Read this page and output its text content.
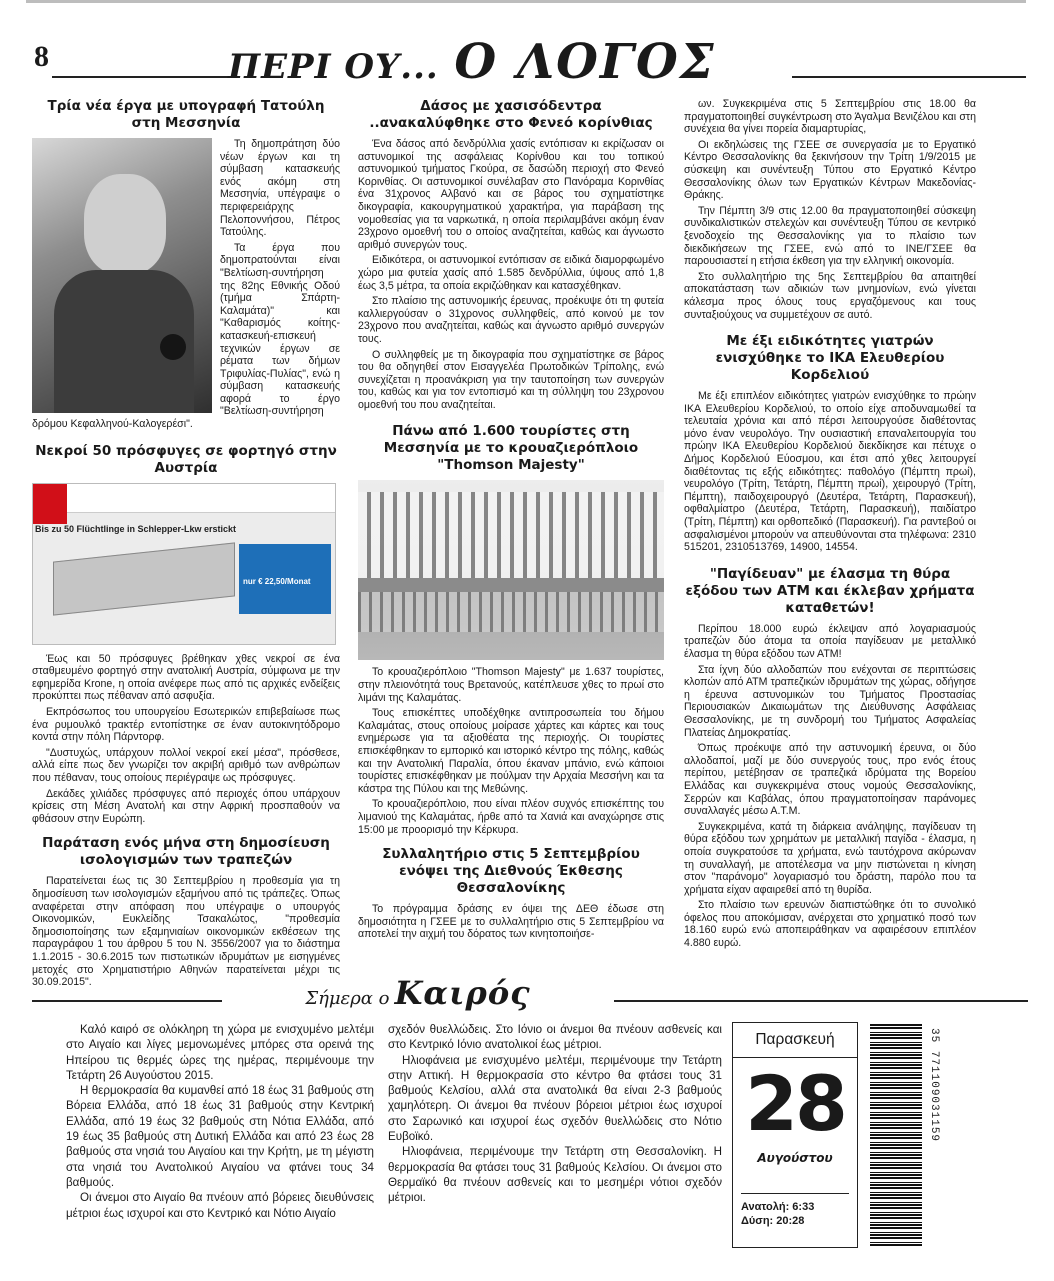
8	ΠΕΡΙ ΟΥ... Ο ΛΟΓΟΣ
Τρία νέα έργα με υπογραφή Τατούλη στη Μεσσηνία

Τη δημοπράτηση δύο νέων έργων και τη σύμβαση κατασκευής ενός ακόμη στη Μεσσηνία, υπέγραψε ο περιφερειάρχης Πελοποννήσου, Πέτρος Τατούλης.

Τα έργα που δημοπρατούνται είναι "Βελτίωση-συντήρηση της 82ης Εθνικής Οδού (τμήμα Σπάρτη-Καλαμάτα)" και "Καθαρισμός κοίτης-κατασκευή-επισκευή τεχνικών έργων σε ρέματα των δήμων Τριφυλίας-Πυλίας", ενώ η σύμβαση κατασκευής αφορά το έργο "Βελτίωση-συντήρηση δρόμου Κεφαλληνού-Καλογερέσι".

Νεκροί 50 πρόσφυγες σε φορτηγό στην Αυστρία
Bis zu 50 Flüchtlinge in Schlepper-Lkw erstickt
nur € 22,50/Monat

Έως και 50 πρόσφυγες βρέθηκαν χθες νεκροί σε ένα σταθμευμένο φορτηγό στην ανατολική Αυστρία, σύμφωνα με την εφημερίδα Krone, η οποία ανέφερε πως από τις αρχικές ενδείξεις προκύπτει πως πέθαναν από ασφυξία.

Εκπρόσωπος του υπουργείου Εσωτερικών επιβεβαίωσε πως ένα ρυμουλκό τρακτέρ εντοπίστηκε σε έναν αυτοκινητόδρομο κοντά στην πόλη Πάρντορφ.

"Δυστυχώς, υπάρχουν πολλοί νεκροί εκεί μέσα", πρόσθεσε, αλλά είπε πως δεν γνωρίζει τον ακριβή αριθμό των ανθρώπων που πέθαναν, τους οποίους περιέγραψε ως πρόσφυγες.

Δεκάδες χιλιάδες πρόσφυγες από περιοχές όπου υπάρχουν κρίσεις στη Μέση Ανατολή και στην Αφρική προσπαθούν να φθάσουν στην Ευρώπη.

Παράταση ενός μήνα στη δημοσίευση ισολογισμών των τραπεζών

Παρατείνεται έως τις 30 Σεπτεμβρίου η προθεσμία για τη δημοσίευση των ισολογισμών εξαμήνου από τις τράπεζες. Όπως αναφέρεται στην απόφαση που υπέγραψε ο υπουργός Οικονομικών, Ευκλείδης Τσακαλώτος, "προθεσμία δημοσιοποίησης των εξαμηνιαίων οικονομικών εκθέσεων της παραγράφου 1 του άρθρου 5 του Ν. 3556/2007 για το διάστημα 1.1.2015 - 30.6.2015 των πιστωτικών ιδρυμάτων με εισηγμένες μετοχές στο Χρηματιστήριο Αθηνών παρατείνεται μέχρι τις 30.09.2015".

Δάσος με χασισόδεντρα ..ανακαλύφθηκε στο Φενεό κορίνθιας

Ένα δάσος από δενδρύλλια χασίς εντόπισαν κι εκρίζωσαν οι αστυνομικοί της ασφάλειας Κορίνθου και του τοπικού αστυνομικού τμήματος Γκούρα, σε δασώδη περιοχή στο Φενεό Κορινθίας. Οι αστυνομικοί συνέλαβαν στο Πανόραμα Κορινθίας ένα 31χρονος Αλβανό και σε βάρος του σχηματίστηκε δικογραφία, κακουργηματικού χαρακτήρα, για παράβαση της νομοθεσίας για τα ναρκωτικά, η οποία περιλαμβάνει ακόμη έναν 23χρονο ομοεθνή του ο οποίος αναζητείται, καθώς και άγνωστο αριθμό συνεργών τους.

Ειδικότερα, οι αστυνομικοί εντόπισαν σε ειδικά διαμορφωμένο χώρο μια φυτεία χασίς από 1.585 δενδρύλλια, ύψους από 1,8 έως 3,5 μέτρα, τα οποία εκριζώθηκαν και κατασχέθηκαν.

Στο πλαίσιο της αστυνομικής έρευνας, προέκυψε ότι τη φυτεία καλλιεργούσαν ο 31χρονος συλληφθείς, από κοινού με τον 23χρονο που αναζητείται, καθώς και άγνωστο αριθμό συνεργών τους.

Ο συλληφθείς με τη δικογραφία που σχηματίστηκε σε βάρος του θα οδηγηθεί στον Εισαγγελέα Πρωτοδικών Τρίπολης, ενώ συνεχίζεται η προανάκριση για την ταυτοποίηση των συνεργών του, καθώς και για τον εντοπισμό και τη σύλληψη του 23χρονου ομοεθνή του που αναζητείται.

Πάνω από 1.600 τουρίστες στη Μεσσηνία με το κρουαζιερόπλοιο "Thomson Majesty"

Το κρουαζιερόπλοιο "Thomson Majesty" με 1.637 τουρίστες, στην πλειονότητά τους Βρετανούς, κατέπλευσε χθες το πρωί στο λιμάνι της Καλαμάτας.

Τους επισκέπτες υποδέχθηκε αντιπροσωπεία του δήμου Καλαμάτας, στους οποίους μοίρασε χάρτες και κάρτες και τους ενημέρωσε για τα αξιοθέατα της περιοχής. Οι τουρίστες επισκέφθηκαν το εμπορικό και ιστορικό κέντρο της πόλης, καθώς και την Ανατολική Παραλία, όπου έκαναν μπάνιο, ενώ κάποιοι τουρίστες επισκέφθηκαν με πούλμαν την Αρχαία Μεσσήνη και τα κάστρα της Πύλου και της Μεθώνης.

Το κρουαζιερόπλοιο, που είναι πλέον συχνός επισκέπτης του λιμανιού της Καλαμάτας, ήρθε από τα Χανιά και αναχώρησε στις 15:00 με προορισμό την Κέρκυρα.

Συλλαλητήριο στις 5 Σεπτεμβρίου ενόψει της Διεθνούς Έκθεσης Θεσσαλονίκης

Το πρόγραμμα δράσης εν όψει της ΔΕΘ έδωσε στη δημοσιότητα η ΓΣΕΕ με το συλλαλητήριο στις 5 Σεπτεμβρίου να αποτελεί την αιχμή του δόρατος των κινητοποιήσε-

ων. Συγκεκριμένα στις 5 Σεπτεμβρίου στις 18.00 θα πραγματοποιηθεί συγκέντρωση στο Άγαλμα Βενιζέλου και στη συνέχεια θα γίνει πορεία διαμαρτυρίας,

Οι εκδηλώσεις της ΓΣΕΕ σε συνεργασία με το Εργατικό Κέντρο Θεσσαλονίκης θα ξεκινήσουν την Τρίτη 1/9/2015 με σύσκεψη και συνέντευξη Τύπου στο Εργατικό Κέντρο Θεσσαλονίκης όλων των Εργατικών Κέντρων Μακεδονίας-Θράκης.

Την Πέμπτη 3/9 στις 12.00 θα πραγματοποιηθεί σύσκεψη συνδικαλιστικών στελεχών και συνέντευξη Τύπου σε κεντρικό ξενοδοχείο της Θεσσαλονίκης για το πλαίσιο των διεκδικήσεων της ΓΣΕΕ, ενώ από το ΙΝΕ/ΓΣΕΕ θα παρουσιαστεί η ετήσια έκθεση για την ελληνική οικονομία.

Στο συλλαλητήριο της 5ης Σεπτεμβρίου θα απαιτηθεί αποκατάσταση των αδικιών των μνημονίων, ενώ γίνεται κάλεσμα προς όλους τους εργαζόμενους και τους συνταξιούχους να συμμετέχουν σε αυτό.

Με έξι ειδικότητες γιατρών ενισχύθηκε το ΙΚΑ Ελευθερίου Κορδελιού

Με έξι επιπλέον ειδικότητες γιατρών ενισχύθηκε το πρώην ΙΚΑ Ελευθερίου Κορδελιού, το οποίο είχε αποδυναμωθεί τα τελευταία χρόνια και από πέρσι λειτουργούσε διαθέτοντας μόνο έναν νευρολόγο. Την ουσιαστική επαναλειτουργία του πρώην ΙΚΑ Ελευθερίου Κορδελιού διεκδίκησε και πέτυχε ο Δήμος Κορδελιού Εύοσμου, και έτσι από χθες λειτουργεί διαθέτοντας τις εξής ειδικότητες: παθολόγο (Πέμπτη πρωί), νευρολόγο (Τρίτη, Τετάρτη, Πέμπτη πρωί), χειρουργό (Τρίτη, Πέμπτη), παιδοχειρουργό (Δευτέρα, Τετάρτη, Παρασκευή), οφθαλμίατρο (Δευτέρα, Τετάρτη, Παρασκευή), παιδίατρο (Τρίτη, Πέμπτη) και ορθοπεδικό (Παρασκευή). Για ραντεβού οι ασφαλισμένοι μπορούν να απευθύνονται στα τηλέφωνα: 2310 515201, 2310513769, 14900, 14554.

"Παγίδευαν" με έλασμα τη θύρα εξόδου των ΑΤΜ και έκλεβαν χρήματα καταθετών!

Περίπου 18.000 ευρώ έκλεψαν από λογαριασμούς τραπεζών δύο άτομα τα οποία παγίδευαν με μεταλλικό έλασμα τη θύρα εξόδου των ΑΤΜ!

Στα ίχνη δύο αλλοδαπών που ενέχονται σε περιπτώσεις κλοπών από ΑΤΜ τραπεζικών ιδρυμάτων της χώρας, οδήγησε η έρευνα αστυνομικών του Τμήματος Προστασίας Περιουσιακών Δικαιωμάτων της Διεύθυνσης Ασφάλειας Θεσσαλονίκης, με τη συνδρομή του Τμήματος Ασφαλείας Πλατείας Δημοκρατίας.

Όπως προέκυψε από την αστυνομική έρευνα, οι δύο αλλοδαποί, μαζί με δύο συνεργούς τους, προ ενός έτους περίπου, μετέβησαν σε τραπεζικά ιδρύματα της Βορείου Ελλάδας και συγκεκριμένα στους νομούς Θεσσαλονίκης, Σερρών και Καβάλας, όπου πραγματοποίησαν παράνομες συναλλαγές μέσω Α.Τ.Μ.

Συγκεκριμένα, κατά τη διάρκεια ανάληψης, παγίδευαν τη θύρα εξόδου των χρημάτων με μεταλλική παγίδα - έλασμα, η οποία συγκρατούσε τα χρήματα, ενώ ταυτόχρονα ακύρωναν τη συναλλαγή, με αποτέλεσμα να μην πιστώνεται η κίνηση στον "παράνομο" λογαριασμό του δράστη, παρόλο που τα χρήματα είχαν αφαιρεθεί από τη θυρίδα.

Στο πλαίσιο των ερευνών διαπιστώθηκε ότι το συνολικό όφελος που αποκόμισαν, ανέρχεται στο χρηματικό ποσό των 18.160 ευρώ ενώ αποπειράθηκαν να αφαιρέσουν επιπλέον 4.880 ευρώ.

Σήμερα ο Καιρός

Καλό καιρό σε ολόκληρη τη χώρα με ενισχυμένο μελτέμι στο Αιγαίο και λίγες μεμονωμένες μπόρες στα ορεινά της Ηπείρου τις θερμές ώρες της ημέρας, περιμένουμε την Τετάρτη 26 Αυγούστου 2015.

Η θερμοκρασία θα κυμανθεί από 18 έως 31 βαθμούς στη Βόρεια Ελλάδα, από 18 έως 31 βαθμούς στην Κεντρική Ελλάδα, από 19 έως 32 βαθμούς στη Νότια Ελλάδα, από 19 έως 35 βαθμούς στη Δυτική Ελλάδα και από 23 έως 28 βαθμούς στα νησιά του Αιγαίου και την Κρήτη, με τη μέγιστη στα νησιά του Ανατολικού Αιγαίου να φτάνει τους 34 βαθμούς.

Οι άνεμοι στο Αιγαίο θα πνέουν από βόρειες διευθύνσεις μέτριοι έως ισχυροί και στο Κεντρικό και Νότιο Αιγαίο

σχεδόν θυελλώδεις. Στο Ιόνιο οι άνεμοι θα πνέουν ασθενείς και στο Κεντρικό Ιόνιο ανατολικοί έως μέτριοι.

Ηλιοφάνεια με ενισχυμένο μελτέμι, περιμένουμε την Τετάρτη στην Αττική. Η θερμοκρασία στο κέντρο θα φτάσει τους 31 βαθμούς Κελσίου, αλλά στα ανατολικά θα είναι 2-3 βαθμούς χαμηλότερη. Οι άνεμοι θα πνέουν βόρειοι μέτριοι έως ισχυροί στο Σαρωνικό και ισχυροί έως σχεδόν θυελλώδεις στο Νότιο Ευβοϊκό.

Ηλιοφάνεια, περιμένουμε την Τετάρτη στη Θεσσαλονίκη. Η θερμοκρασία θα φτάσει τους 31 βαθμούς Κελσίου. Οι άνεμοι στο Θερμαϊκό θα πνέουν ασθενείς και το μεσημέρι νότιοι σχεδόν μέτριοι.

Παρασκευή
28
Αυγούστου
Ανατολή: 6:33
Δύση: 20:28
35 771109031159
